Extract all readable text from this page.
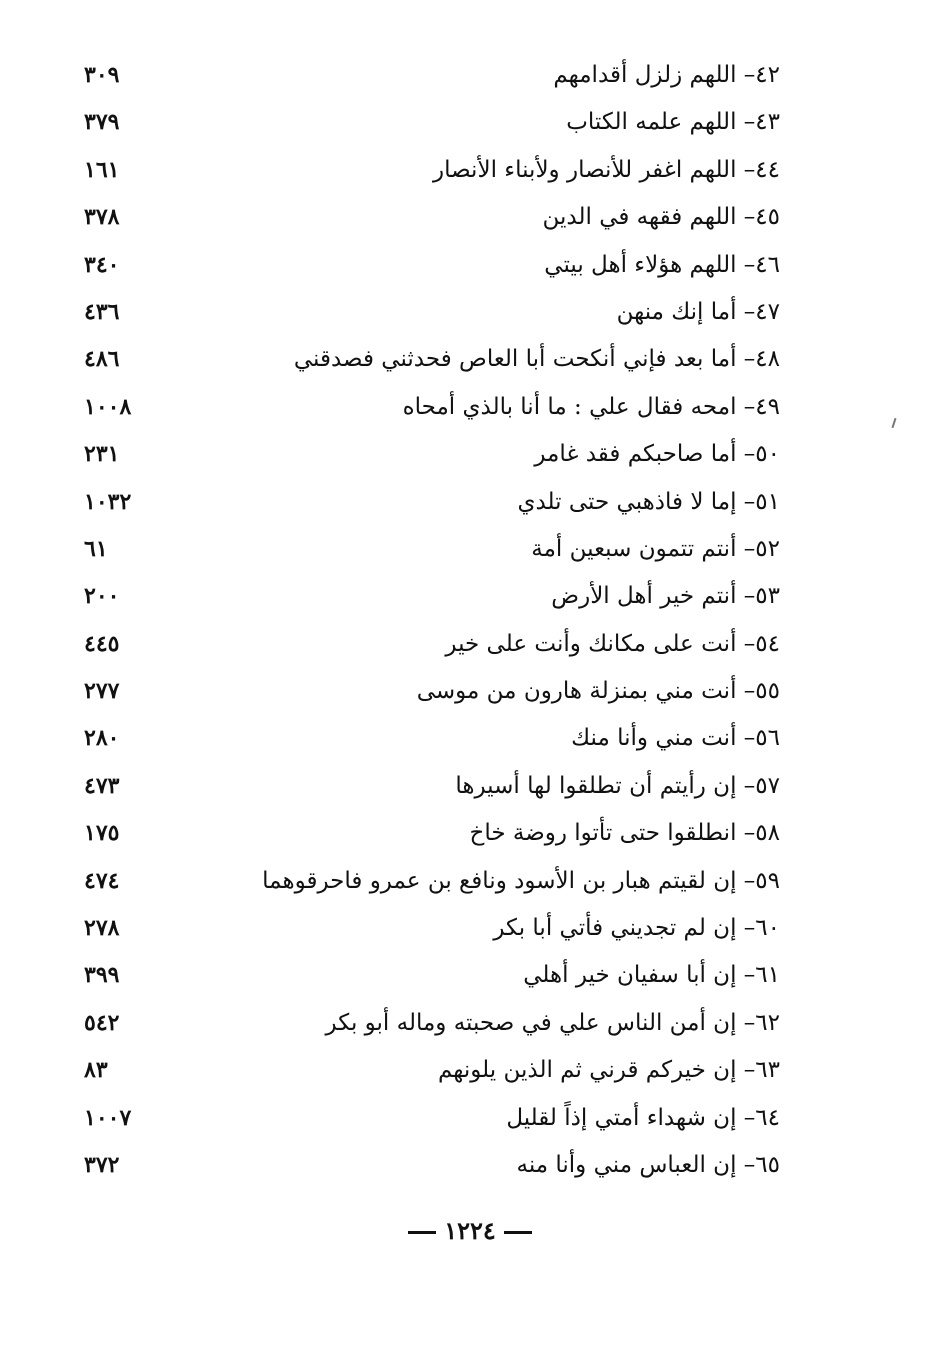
٤٢– اللهم زلزل أقدامهم
٣٠٩
٤٣– اللهم علمه الكتاب
٣٧٩
٤٤– اللهم اغفر للأنصار ولأبناء الأنصار
١٦١
٤٥– اللهم فقهه في الدين
٣٧٨
٤٦– اللهم هؤلاء أهل بيتي
٣٤٠
٤٧– أما إنك منهن
٤٣٦
٤٨– أما بعد فإني أنكحت أبا العاص فحدثني فصدقني
٤٨٦
٤٩– امحه فقال علي : ما أنا بالذي أمحاه
١٠٠٨
٥٠– أما صاحبكم فقد غامر
٢٣١
٥١– إما لا فاذهبي حتى تلدي
١٠٣٢
٥٢– أنتم تتمون سبعين أمة
٦١
٥٣– أنتم خير أهل الأرض
٢٠٠
٥٤– أنت على مكانك وأنت على خير
٤٤٥
٥٥– أنت مني بمنزلة هارون من موسى
٢٧٧
٥٦– أنت مني وأنا منك
٢٨٠
٥٧– إن رأيتم أن تطلقوا لها أسيرها
٤٧٣
٥٨– انطلقوا حتى تأتوا روضة خاخ
١٧٥
٥٩– إن لقيتم هبار بن الأسود ونافع بن عمرو فاحرقوهما
٤٧٤
٦٠– إن لم تجديني فأتي أبا بكر
٢٧٨
٦١– إن أبا سفيان خير أهلي
٣٩٩
٦٢– إن أمن الناس علي في صحبته وماله أبو بكر
٥٤٢
٦٣– إن خيركم قرني ثم الذين يلونهم
٨٣
٦٤– إن شهداء أمتي إذاً لقليل
١٠٠٧
٦٥– إن العباس مني وأنا منه
٣٧٢
١٢٢٤
